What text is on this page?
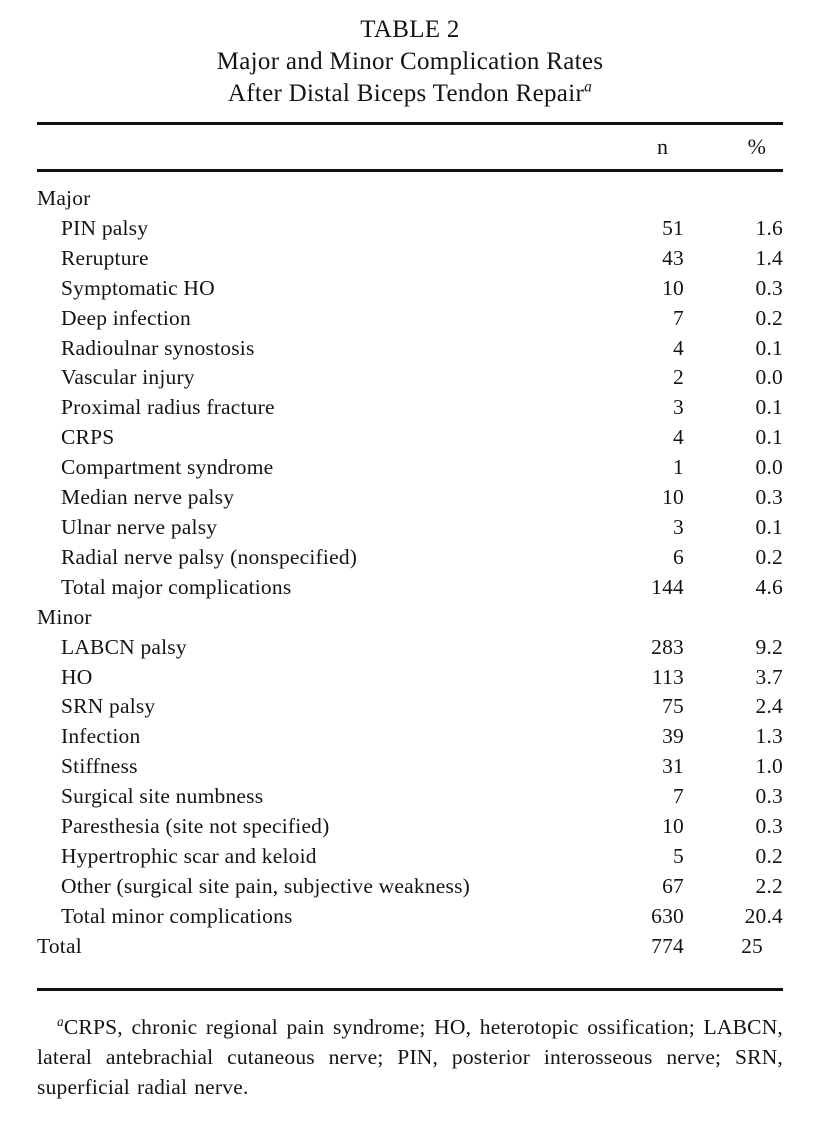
TABLE 2
Major and Minor Complication Rates
After Distal Biceps Tendon Repair$^a$
n	%
Major
PIN palsy	51	1.6
Rerupture	43	1.4
Symptomatic HO	10	0.3
Deep infection	7	0.2
Radioulnar synostosis	4	0.1
Vascular injury	2	0.0
Proximal radius fracture	3	0.1
CRPS	4	0.1
Compartment syndrome	1	0.0
Median nerve palsy	10	0.3
Ulnar nerve palsy	3	0.1
Radial nerve palsy (nonspecified)	6	0.2
Total major complications	144	4.6
Minor
LABCN palsy	283	9.2
HO	113	3.7
SRN palsy	75	2.4
Infection	39	1.3
Stiffness	31	1.0
Surgical site numbness	7	0.3
Paresthesia (site not specified)	10	0.3
Hypertrophic scar and keloid	5	0.2
Other (surgical site pain, subjective weakness)	67	2.2
Total minor complications	630	20.4
Total	774	25
$^a$CRPS, chronic regional pain syndrome; HO, heterotopic ossification; LABCN, lateral antebrachial cutaneous nerve; PIN, posterior interosseous nerve; SRN, superficial radial nerve.
